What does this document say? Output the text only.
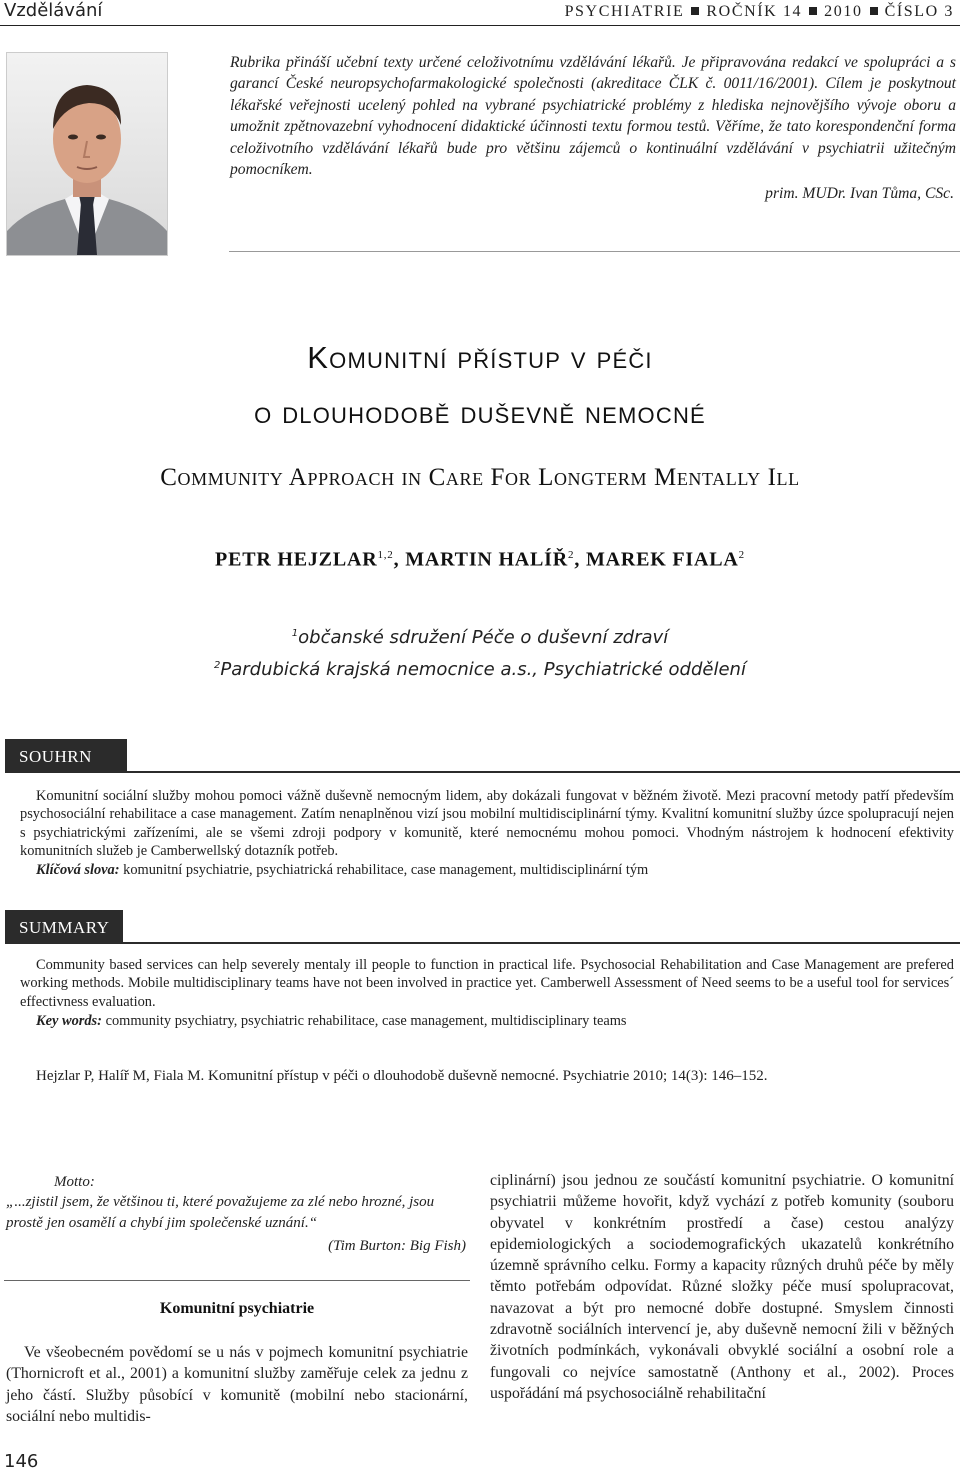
Vzdělávání	PSYCHIATRIE ROČNÍK 14 2010 ČÍSLO 3
Rubrika přináší učební texty určené celoživotnímu vzdělávání lékařů. Je připravována redakcí ve spolupráci a s garancí České neuropsychofarmakologické společnosti (akreditace ČLK č. 0011/16/2001). Cílem je poskytnout lékařské veřejnosti ucelený pohled na vybrané psychiatrické problémy z hlediska nejnovějšího vývoje oboru a umožnit zpětnovazební vyhodnocení didaktické účinnosti textu formou testů. Věříme, že tato korespondenční forma celoživotního vzdělávání lékařů bude pro většinu zájemců o kontinuální vzdělávání v psychiatrii užitečným pomocníkem.
prim. MUDr. Ivan Tůma, CSc.
Komunitní přístup v péči
o dlouhodobě duševně nemocné
Community Approach in Care For Longterm Mentally Ill
PETR HEJZLAR$^{1,2}$, MARTIN HALÍŘ$^2$, MAREK FIALA$^2$
$^1$občanské sdružení Péče o duševní zdraví
$^2$Pardubická krajská nemocnice a.s., Psychiatrické oddělení
SOUHRN
Komunitní sociální služby mohou pomoci vážně duševně nemocným lidem, aby dokázali fungovat v běžném životě. Mezi pracovní metody patří především psychosociální rehabilitace a case management. Zatím nenaplněnou vizí jsou mobilní multidisciplinární týmy. Kvalitní komunitní služby úzce spolupracují nejen s psychiatrickými zařízeními, ale se všemi zdroji podpory v komunitě, které nemocnému mohou pomoci. Vhodným nástrojem k hodnocení efektivity komunitních služeb je Camberwellský dotazník potřeb.
Klíčová slova: komunitní psychiatrie, psychiatrická rehabilitace, case management, multidisciplinární tým
SUMMARY
Community based services can help severely mentaly ill people to function in practical life. Psychosocial Rehabilitation and Case Management are prefered working methods. Mobile multidisciplinary teams have not been involved in practice yet. Camberwell Assessment of Need seems to be a useful tool for services´ effectivness evaluation.
Key words: community psychiatry, psychiatric rehabilitace, case management, multidisciplinary teams
Hejzlar P, Halíř M, Fiala M. Komunitní přístup v péči o dlouhodobě duševně nemocné. Psychiatrie 2010; 14(3): 146–152.
Motto:
„...zjistil jsem, že většinou ti, které považujeme za zlé nebo hrozné, jsou prostě jen osamělí a chybí jim společenské uznání.“
(Tim Burton: Big Fish)
Komunitní psychiatrie
Ve všeobecném povědomí se u nás v pojmech komunitní psychiatrie (Thornicroft et al., 2001) a komunitní služby zaměřuje celek za jednu z jeho částí. Služby působící v komunitě (mobilní nebo stacionární, sociální nebo multidis-
ciplinární) jsou jednou ze součástí komunitní psychiatrie. O komunitní psychiatrii můžeme hovořit, když vychází z potřeb komunity (souboru obyvatel v konkrétním prostředí a čase) cestou analýzy epidemiologických a sociodemografických ukazatelů konkrétního územně správního celku. Formy a kapacity různých druhů péče by měly těmto potřebám odpovídat. Různé složky péče musí spolupracovat, navazovat a být pro nemocné dobře dostupné. Smyslem činnosti zdravotně sociálních intervencí je, aby duševně nemocní žili v běžných životních podmínkách, vykonávali obvyklé sociální a osobní role a fungovali co nejvíce samostatně (Anthony et al., 2002). Proces uspořádání má psychosociálně rehabilitační
146
